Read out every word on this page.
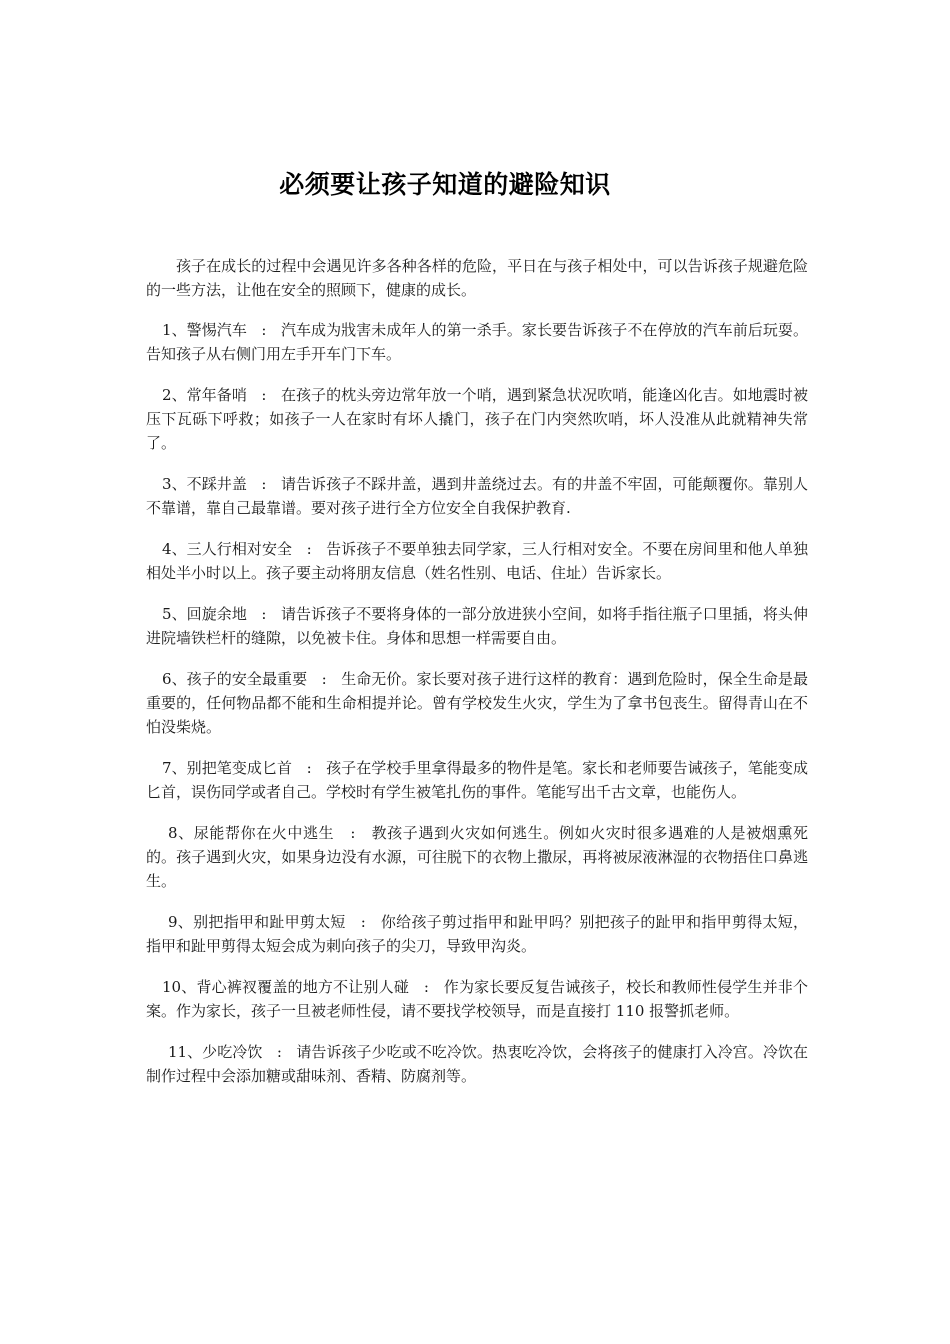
必须要让孩子知道的避险知识

孩子在成长的过程中会遇见许多各种各样的危险，平日在与孩子相处中，可以告诉孩子规避危险的一些方法，让他在安全的照顾下，健康的成长。

1、警惕汽车   :   汽车成为戕害未成年人的第一杀手。家长要告诉孩子不在停放的汽车前后玩耍。告知孩子从右侧门用左手开车门下车。

2、常年备哨   :   在孩子的枕头旁边常年放一个哨，遇到紧急状况吹哨，能逢凶化吉。如地震时被压下瓦砾下呼救；如孩子一人在家时有坏人撬门，孩子在门内突然吹哨，坏人没准从此就精神失常了。

3、不踩井盖   :   请告诉孩子不踩井盖，遇到井盖绕过去。有的井盖不牢固，可能颠覆你。靠别人不靠谱，靠自己最靠谱。要对孩子进行全方位安全自我保护教育.

4、三人行相对安全   :   告诉孩子不要单独去同学家，三人行相对安全。不要在房间里和他人单独相处半小时以上。孩子要主动将朋友信息（姓名性别、电话、住址）告诉家长。

5、回旋余地   :   请告诉孩子不要将身体的一部分放进狭小空间，如将手指往瓶子口里插，将头伸进院墙铁栏杆的缝隙，以免被卡住。身体和思想一样需要自由。

6、孩子的安全最重要   :   生命无价。家长要对孩子进行这样的教育：遇到危险时，保全生命是最重要的，任何物品都不能和生命相提并论。曾有学校发生火灾，学生为了拿书包丧生。留得青山在不怕没柴烧。

7、别把笔变成匕首   :   孩子在学校手里拿得最多的物件是笔。家长和老师要告诫孩子，笔能变成匕首，误伤同学或者自己。学校时有学生被笔扎伤的事件。笔能写出千古文章，也能伤人。

8、尿能帮你在火中逃生   :   教孩子遇到火灾如何逃生。例如火灾时很多遇难的人是被烟熏死的。孩子遇到火灾，如果身边没有水源，可往脱下的衣物上撒尿，再将被尿液淋湿的衣物捂住口鼻逃生。

9、别把指甲和趾甲剪太短   :   你给孩子剪过指甲和趾甲吗？别把孩子的趾甲和指甲剪得太短，指甲和趾甲剪得太短会成为刺向孩子的尖刀，导致甲沟炎。

10、背心裤衩覆盖的地方不让别人碰   :   作为家长要反复告诫孩子，校长和教师性侵学生并非个案。作为家长，孩子一旦被老师性侵，请不要找学校领导，而是直接打 110 报警抓老师。

11、少吃冷饮   :   请告诉孩子少吃或不吃冷饮。热衷吃冷饮，会将孩子的健康打入冷宫。冷饮在制作过程中会添加糖或甜味剂、香精、防腐剂等。
